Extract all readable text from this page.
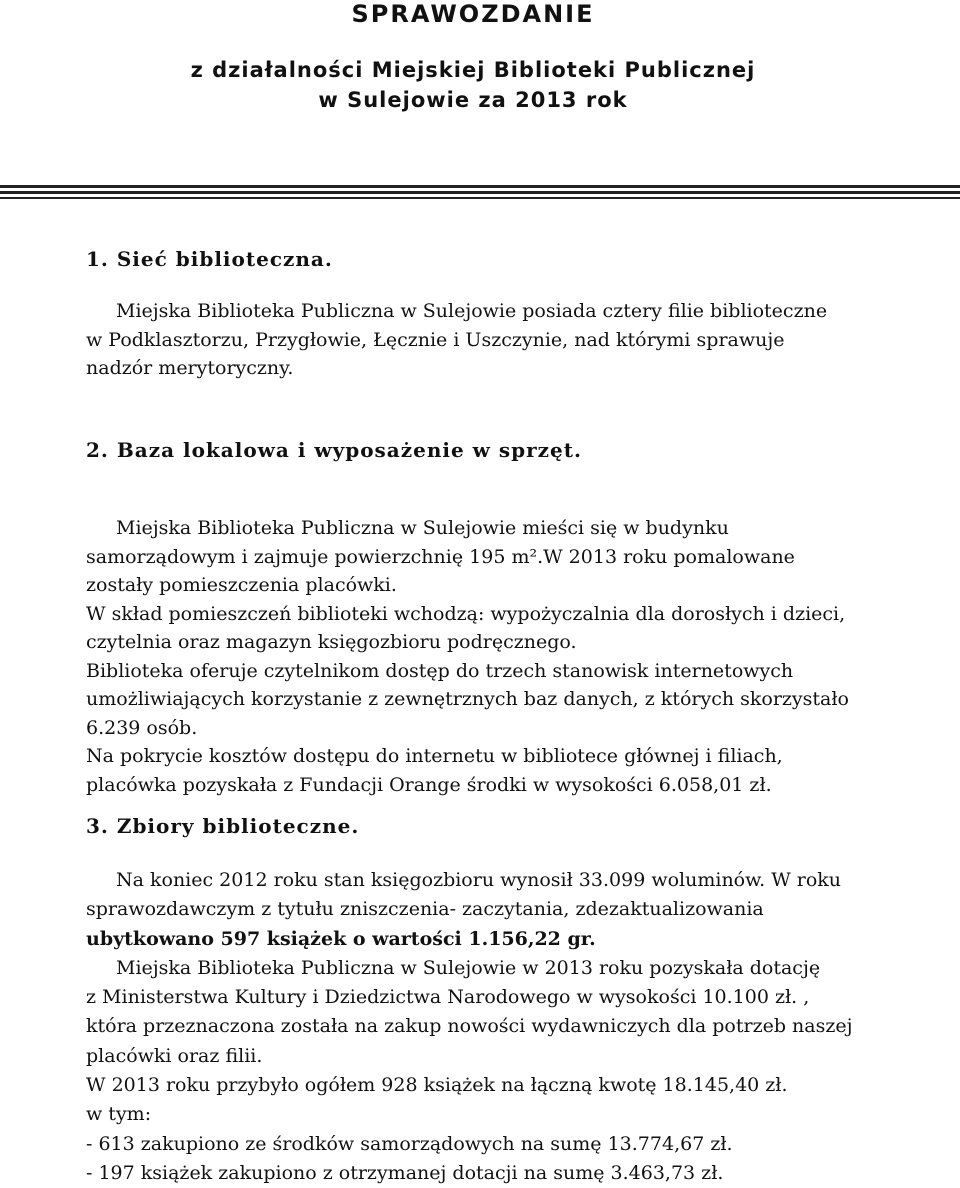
SPRAWOZDANIE
z działalności Miejskiej Biblioteki Publicznej
w Sulejowie za 2013 rok
1. Sieć biblioteczna.
Miejska Biblioteka Publiczna w Sulejowie posiada cztery filie biblioteczne
w Podklasztorzu, Przygłowie, Łęcznie i Uszczynie, nad którymi sprawuje
nadzór merytoryczny.
2. Baza lokalowa i wyposażenie w sprzęt.
Miejska Biblioteka Publiczna w Sulejowie mieści się w budynku
samorządowym i zajmuje powierzchnię 195 m².W 2013 roku pomalowane
zostały pomieszczenia placówki.
W skład pomieszczeń biblioteki wchodzą: wypożyczalnia dla dorosłych i dzieci,
czytelnia oraz magazyn księgozbioru podręcznego.
Biblioteka oferuje czytelnikom dostęp do trzech stanowisk internetowych
umożliwiających korzystanie z zewnętrznych baz danych, z których skorzystało
6.239 osób.
Na pokrycie kosztów dostępu do internetu w bibliotece głównej i filiach,
placówka pozyskała z Fundacji Orange środki w wysokości 6.058,01 zł.
3. Zbiory biblioteczne.
Na koniec 2012 roku stan księgozbioru wynosił 33.099 woluminów. W roku
sprawozdawczym z tytułu zniszczenia- zaczytania, zdezaktualizowania
ubytkowano 597 książek o wartości 1.156,22 gr.
Miejska Biblioteka Publiczna w Sulejowie w 2013 roku pozyskała dotację
z Ministerstwa Kultury i Dziedzictwa Narodowego w wysokości 10.100 zł. ,
która przeznaczona została na zakup nowości wydawniczych dla potrzeb naszej
placówki oraz filii.
W 2013 roku przybyło ogółem 928 książek na łączną kwotę 18.145,40 zł.
w tym:
- 613 zakupiono ze środków samorządowych na sumę 13.774,67 zł.
- 197 książek zakupiono z otrzymanej dotacji na sumę 3.463,73 zł.
